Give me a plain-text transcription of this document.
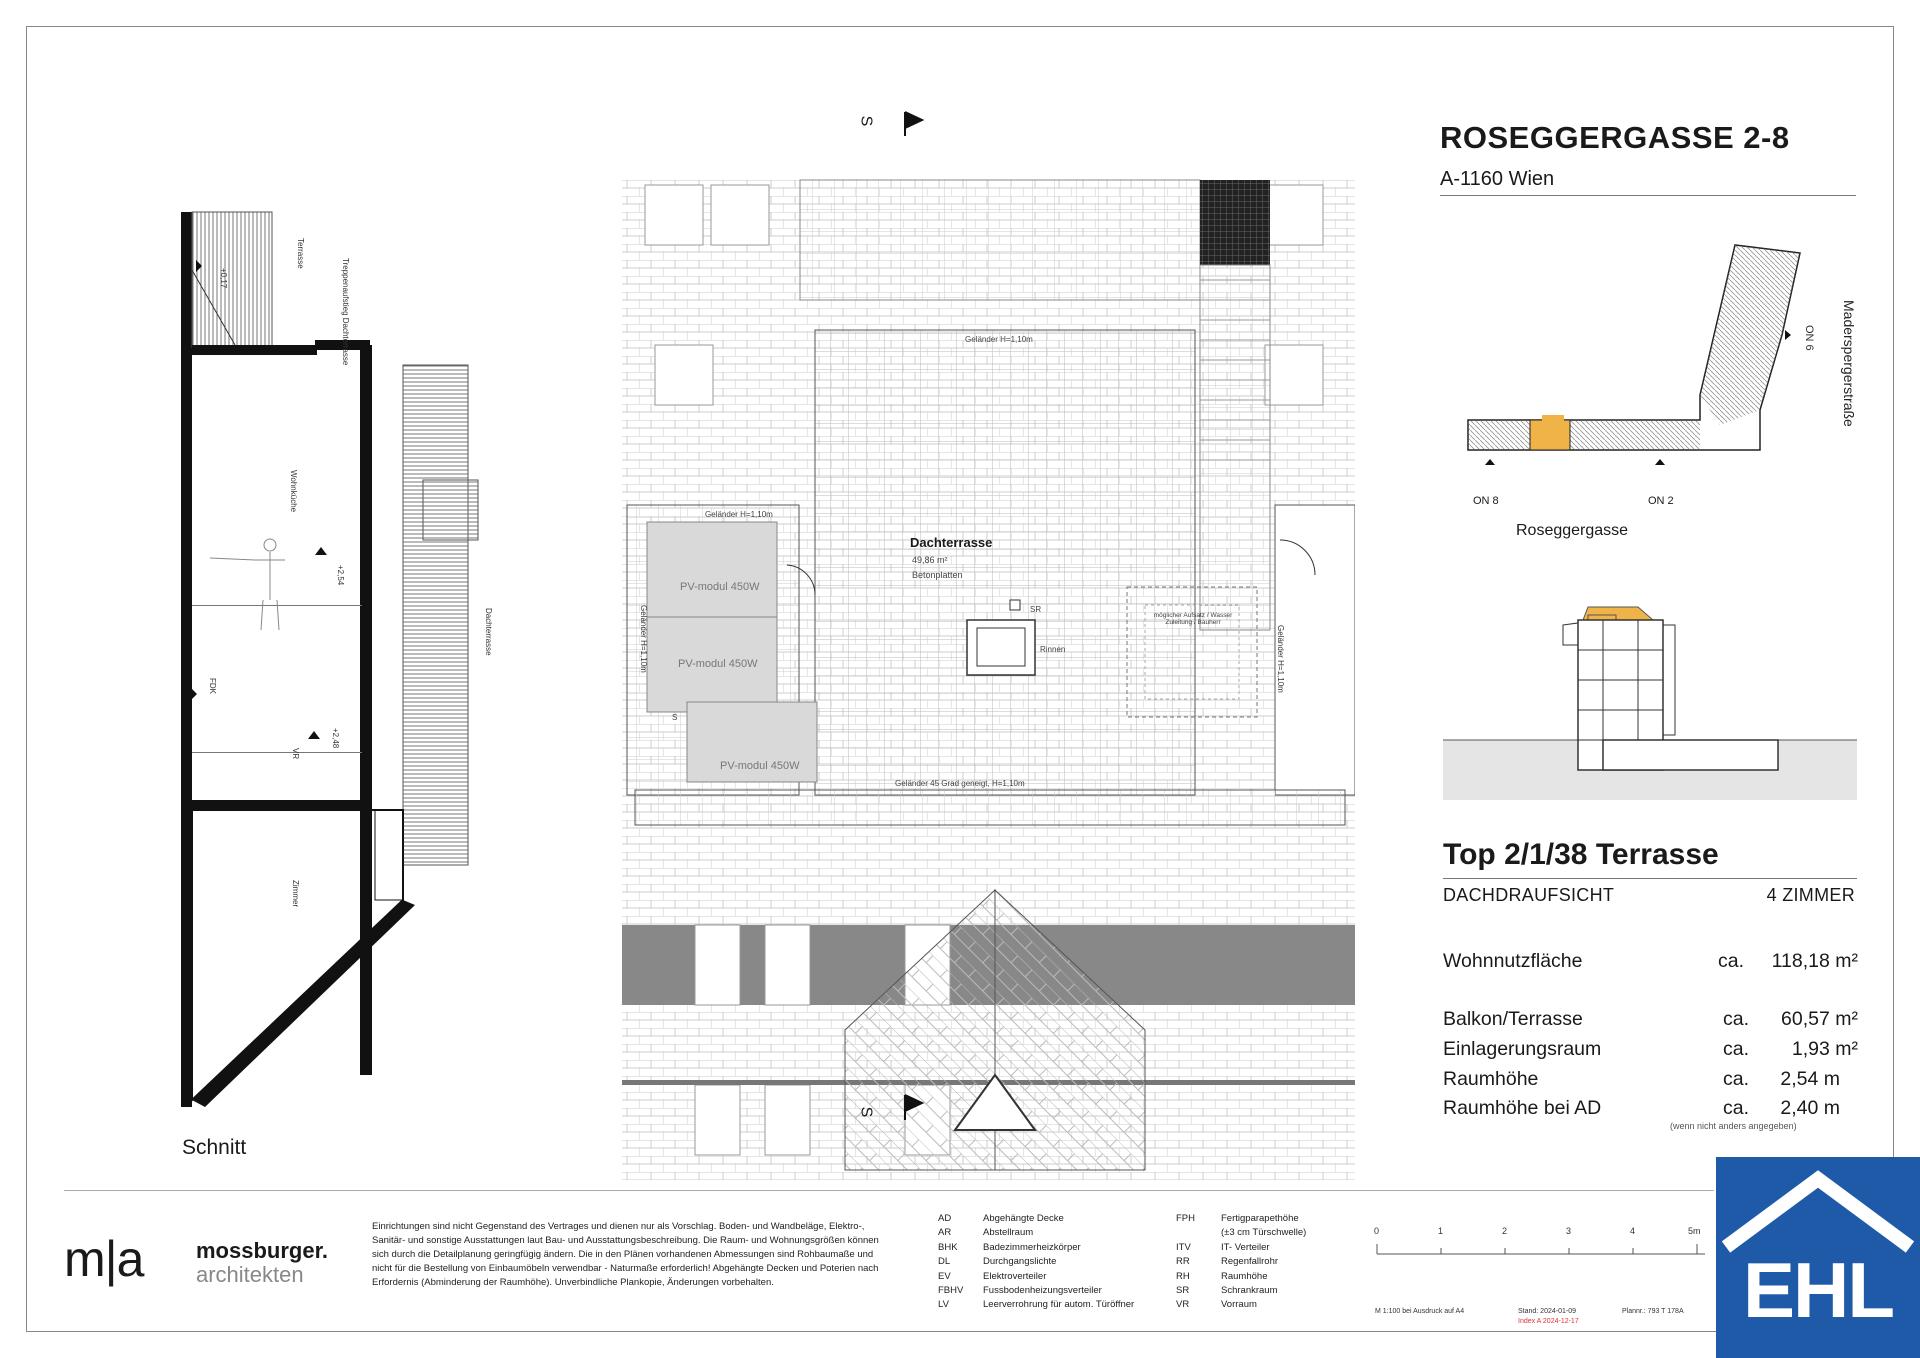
Terrasse
Treppenaufstieg Dachterrasse
Wohnküche
+2,54
FDK
+2,48
VR
Zimmer
Dachterrasse
+0,17
Schnitt
S
S
Dachterrasse
49,86 m²
Betonplatten
PV-modul 450W
PV-modul 450W
PV-modul 450W
Geländer H=1,10m
Geländer H=1,10m
Geländer 45 Grad geneigt, H=1,10m
Rinnen
möglicher Aufsatz / Wasser Zuleitung / Bauherr
SR
S
Geländer H=1,10m	Geländer H=1,10m
ROSEGGERGASSE 2-8
A-1160 Wien
ON 8	ON 2
ON 6
Roseggergasse
Maderspergerstraße
Top 2/1/38 Terrasse
DACHDRAUFSICHT	4 ZIMMER
Wohnnutzfläche	ca. 118,18 m²
Balkon/Terrasse	ca. 60,57 m²
Einlagerungsraum	ca. 1,93 m²
Raumhöhe	ca. 2,54 m
Raumhöhe bei AD	ca. 2,40 m
(wenn nicht anders angegeben)
m|a mossburger.
architekten
Einrichtungen sind nicht Gegenstand des Vertrages und dienen nur als Vorschlag. Boden- und Wandbeläge, Elektro-, Sanitär- und sonstige Ausstattungen laut Bau- und Ausstattungsbeschreibung. Die Raum- und Wohnungsgrößen können sich durch die Detailplanung geringfügig ändern. Die in den Plänen vorhandenen Abmessungen sind Rohbaumaße und nicht für die Bestellung von Einbaumöbeln verwendbar - Naturmaße erforderlich! Abgehängte Decken und Poterien nach Erfordernis (Abminderung der Raumhöhe). Unverbindliche Plankopie, Änderungen vorbehalten.
AD	Abgehängte Decke
AR	Abstellraum
BHK	Badezimmerheizkörper
DL	Durchgangslichte
EV	Elektroverteiler
FBHV Fussbodenheizungsverteiler
LV	Leerverrohrung für autom. Türöffner
FPH	Fertigparapethöhe
(±3 cm Türschwelle)
ITV	IT- Verteiler
RR	Regenfallrohr
RH	Raumhöhe
SR	Schrankraum
VR	Vorraum
0	1	2	3	4	5m
M 1:100 bei Ausdruck auf A4	Stand: 2024-01-09
Index A 2024-12-17
Plannr.: 793 T 178A EHL
